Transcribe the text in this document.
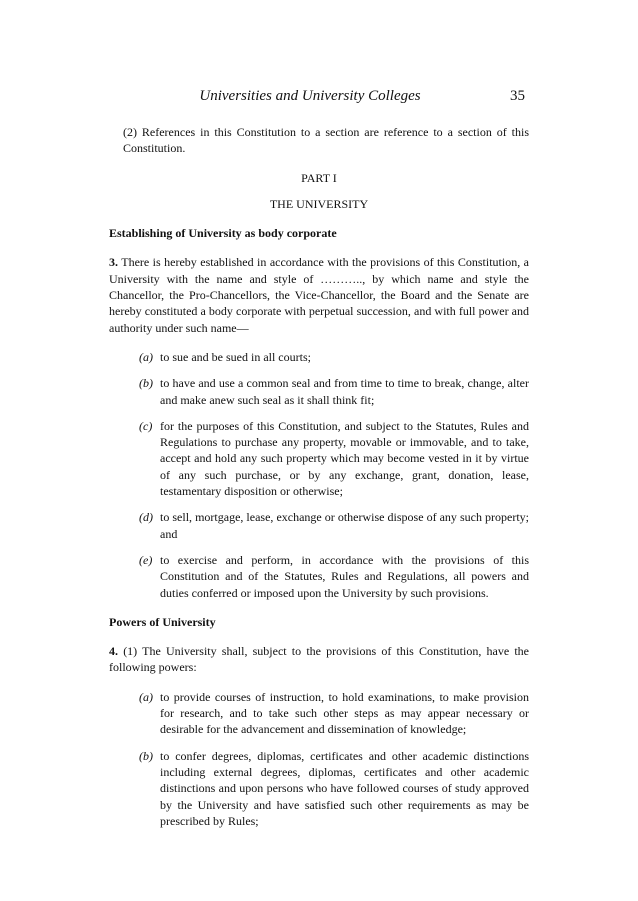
Universities and University Colleges	35

(2) References in this Constitution to a section are reference to a section of this Constitution.

PART I

THE UNIVERSITY

Establishing of University as body corporate

3. There is hereby established in accordance with the provisions of this Constitution, a University with the name and style of ……….., by which name and style the Chancellor, the Pro-Chancellors, the Vice-Chancellor, the Board and the Senate are hereby constituted a body corporate with perpetual succession, and with full power and authority under such name—

(a) to sue and be sued in all courts;
(b) to have and use a common seal and from time to time to break, change, alter and make anew such seal as it shall think fit;
(c) for the purposes of this Constitution, and subject to the Statutes, Rules and Regulations to purchase any property, movable or immovable, and to take, accept and hold any such property which may become vested in it by virtue of any such purchase, or by any exchange, grant, donation, lease, testamentary disposition or otherwise;
(d) to sell, mortgage, lease, exchange or otherwise dispose of any such property; and
(e) to exercise and perform, in accordance with the provisions of this Constitution and of the Statutes, Rules and Regulations, all powers and duties conferred or imposed upon the University by such provisions.

Powers of University

4. (1) The University shall, subject to the provisions of this Constitution, have the following powers:

(a) to provide courses of instruction, to hold examinations, to make provision for research, and to take such other steps as may appear necessary or desirable for the advancement and dissemination of knowledge;
(b) to confer degrees, diplomas, certificates and other academic distinctions including external degrees, diplomas, certificates and other academic distinctions and upon persons who have followed courses of study approved by the University and have satisfied such other requirements as may be prescribed by Rules;
